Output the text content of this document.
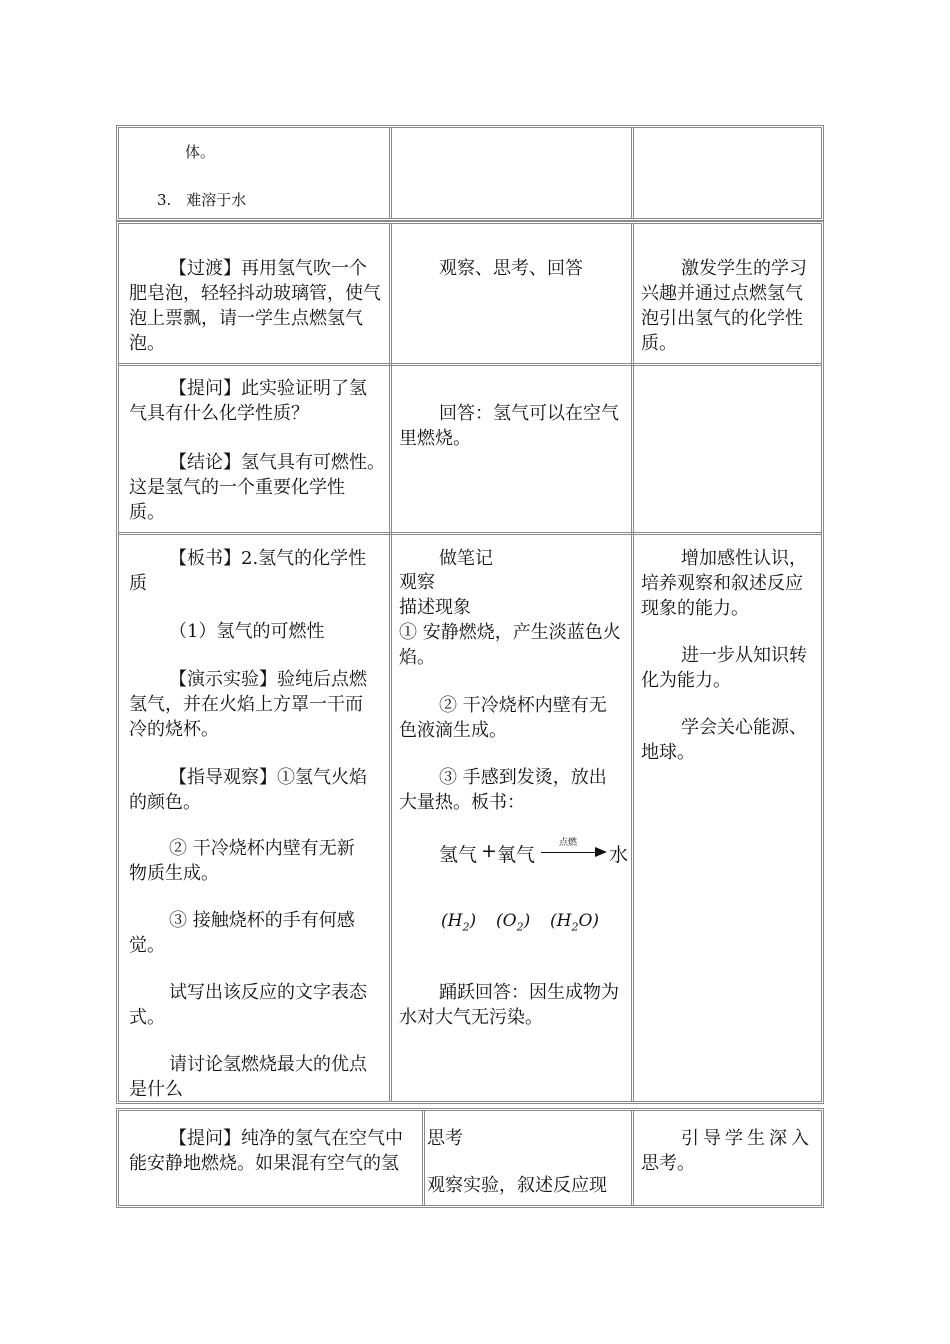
体。

3.　难溶于水

【过渡】再用氢气吹一个

肥皂泡，轻轻抖动玻璃管，使气

泡上票飘，请一学生点燃氢气

泡。

观察、思考、回答	激发学生的学习

兴趣并通过点燃氢气

泡引出氢气的化学性

质。

【提问】此实验证明了氢

气具有什么化学性质？

【结论】氢气具有可燃性。

这是氢气的一个重要化学性

质。

回答：氢气可以在空气

里燃烧。

【板书】2.氢气的化学性

质

（1）氢气的可燃性

【演示实验】验纯后点燃

氢气，并在火焰上方罩一干而

冷的烧杯。

【指导观察】①氢气火焰

的颜色。

② 干冷烧杯内壁有无新

物质生成。

③ 接触烧杯的手有何感

觉。

试写出该反应的文字表态

式。

请讨论氢燃烧最大的优点

是什么

做笔记

观察

描述现象

① 安静燃烧，产生淡蓝色火

焰。

② 干冷烧杯内壁有无

色液滴生成。

③ 手感到发烫，放出

大量热。板书：

氢气 + 氧气
点燃
水
$(H_2)$ $(O_2)$ $(H_2O)$

踊跃回答：因生成物为

水对大气无污染。

增加感性认识，

培养观察和叙述反应

现象的能力。

进一步从知识转

化为能力。

学会关心能源、

地球。

【提问】纯净的氢气在空气中

能安静地燃烧。如果混有空气的氢

思考

观察实验，叙述反应现

引导学生深入

思考。
